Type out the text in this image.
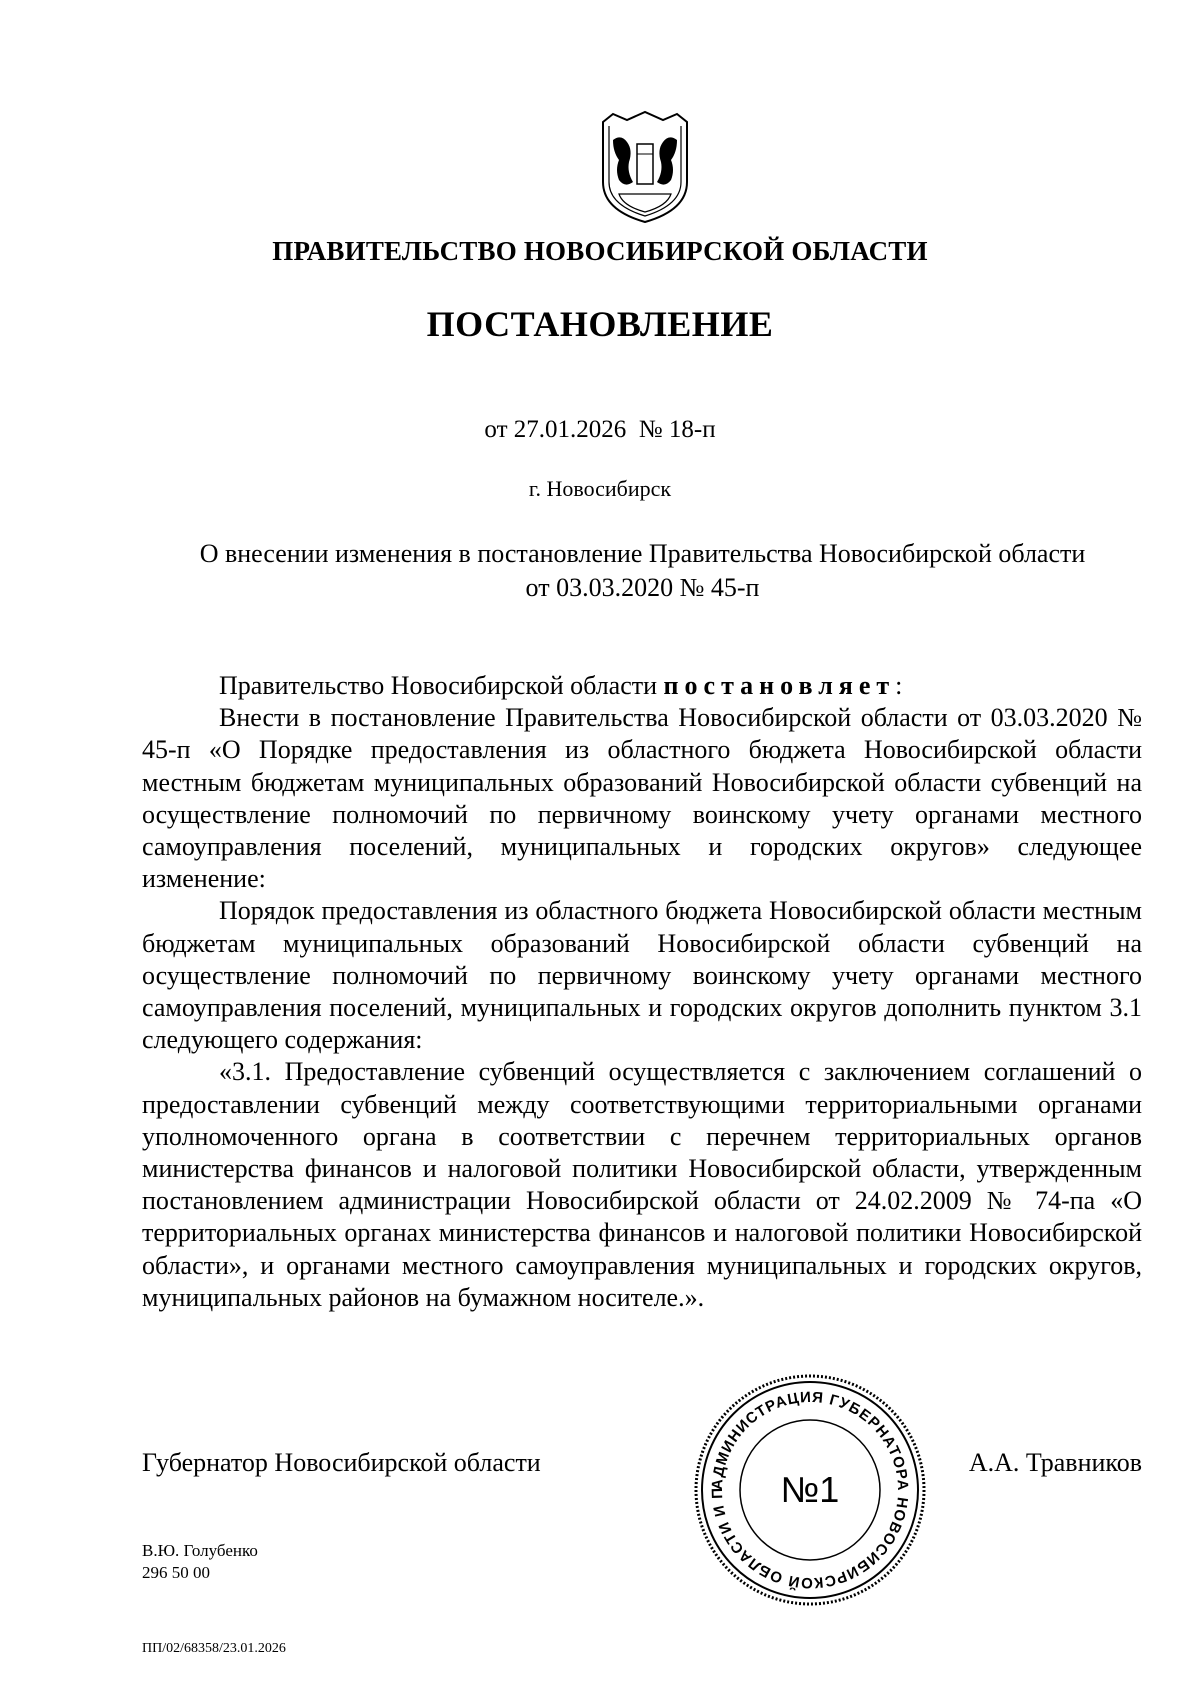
ПРАВИТЕЛЬСТВО НОВОСИБИРСКОЙ ОБЛАСТИ
ПОСТАНОВЛЕНИЕ
от 27.01.2026  № 18-п
г. Новосибирск
О внесении изменения в постановление Правительства Новосибирской области
от 03.03.2020 № 45-п

Правительство Новосибирской области постановляет:

Внести в постановление Правительства Новосибирской области от 03.03.2020 № 45-п «О Порядке предоставления из областного бюджета Новосибирской области местным бюджетам муниципальных образований Новосибирской области субвенций на осуществление полномочий по первичному воинскому учету органами местного самоуправления поселений, муниципальных и городских округов» следующее изменение:

Порядок предоставления из областного бюджета Новосибирской области местным бюджетам муниципальных образований Новосибирской области субвенций на осуществление полномочий по первичному воинскому учету органами местного самоуправления поселений, муниципальных и городских округов дополнить пунктом 3.1 следующего содержания:

«3.1. Предоставление субвенций осуществляется с заключением соглашений о предоставлении субвенций между соответствующими территориальными органами уполномоченного органа в соответствии с перечнем территориальных органов министерства финансов и налоговой политики Новосибирской области, утвержденным постановлением администрации Новосибирской области от 24.02.2009 № 74-па «О территориальных органах министерства финансов и налоговой политики Новосибирской области», и органами местного самоуправления муниципальных и городских округов, муниципальных районов на бумажном носителе.».

Губернатор Новосибирской области	А.А. Травников
АДМИНИСТРАЦИЯ ГУБЕРНАТОРА НОВОСИБИРСКОЙ ОБЛАСТИ И П	№1
В.Ю. Голубенко
296 50 00
ПП/02/68358/23.01.2026
